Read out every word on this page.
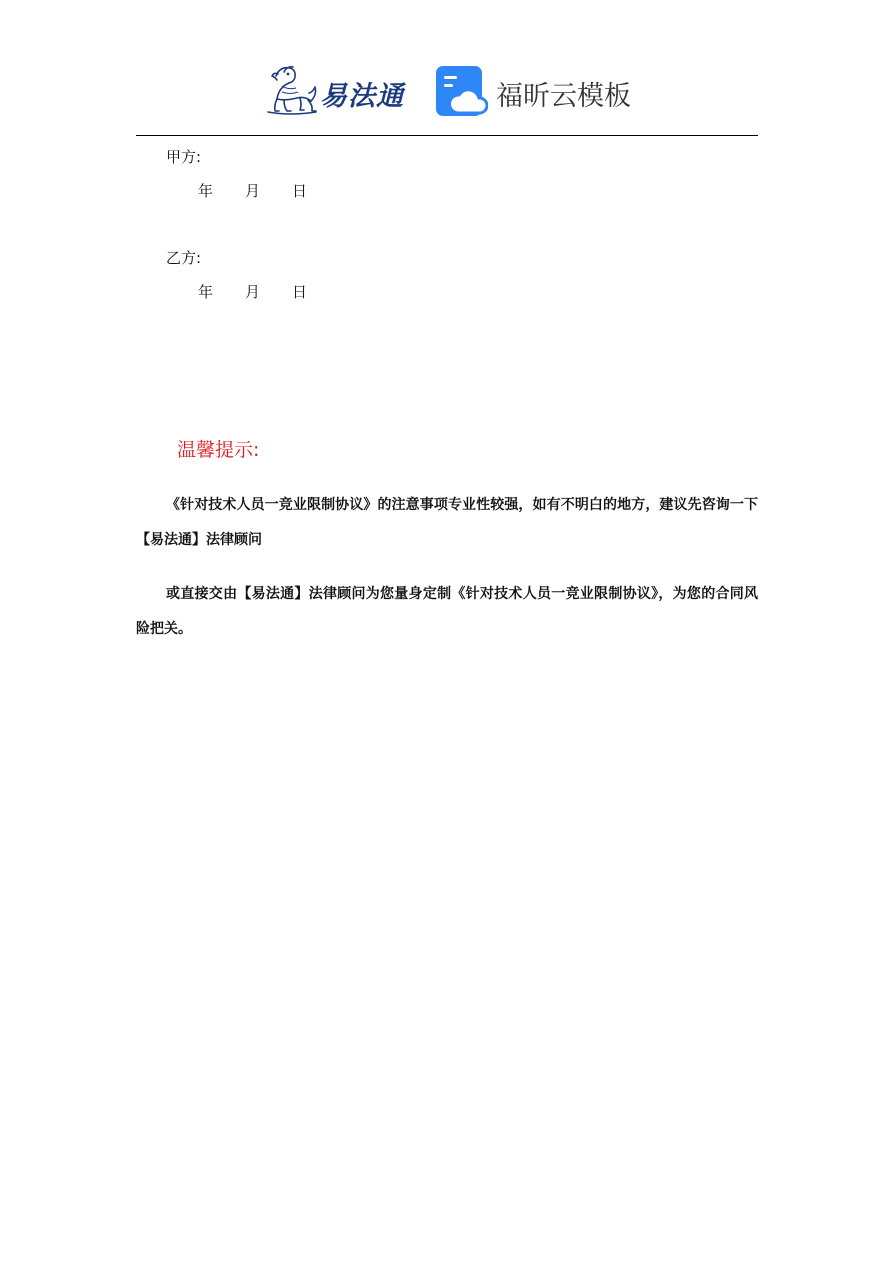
易法通	福昕云模板
甲方:
年 月 日
乙方:
年 月 日
温馨提示:
《针对技术人员一竞业限制协议》的注意事项专业性较强，如有不明白的地方，建议先咨询一下【易法通】法律顾问
或直接交由【易法通】法律顾问为您量身定制《针对技术人员一竞业限制协议》，为您的合同风险把关。
